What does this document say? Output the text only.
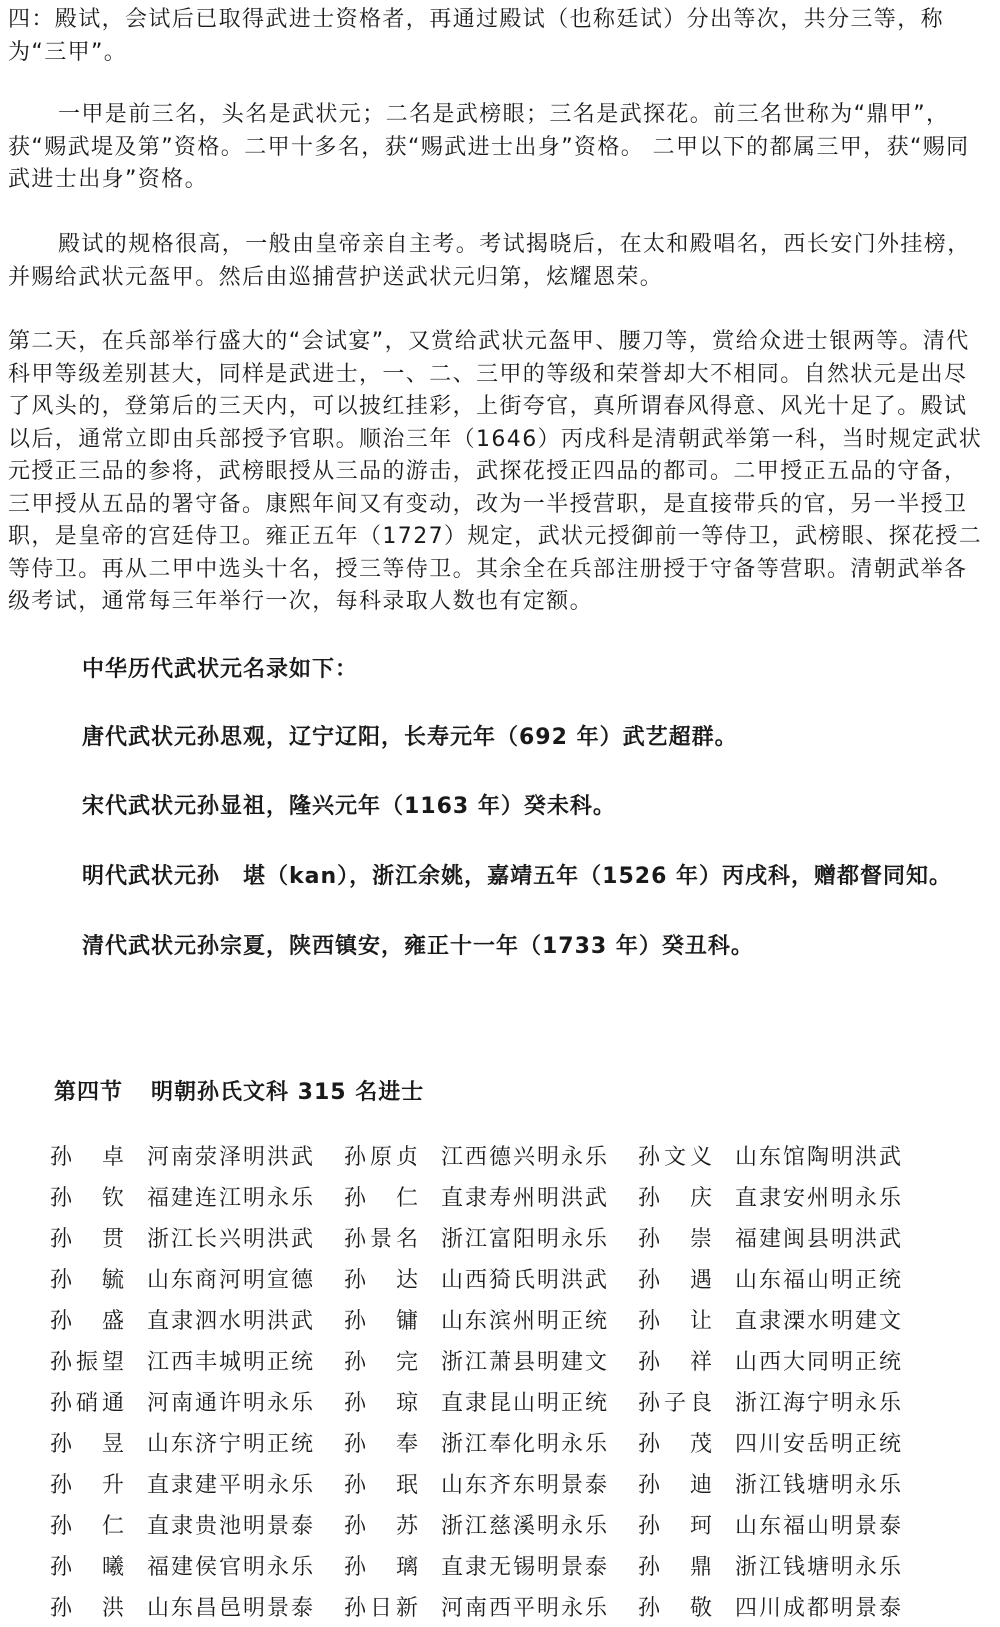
四：殿试，会试后已取得武进士资格者，再通过殿试（也称廷试）分出等次，共分三等，称为“三甲”。

一甲是前三名，头名是武状元；二名是武榜眼；三名是武探花。前三名世称为“鼎甲”，获“赐武堤及第”资格。二甲十多名，获“赐武进士出身”资格。 二甲以下的都属三甲，获“赐同武进士出身”资格。

殿试的规格很高，一般由皇帝亲自主考。考试揭晓后，在太和殿唱名，西长安门外挂榜，并赐给武状元盔甲。然后由巡捕营护送武状元归第，炫耀恩荣。

第二天，在兵部举行盛大的“会试宴”，又赏给武状元盔甲、腰刀等，赏给众进士银两等。清代科甲等级差别甚大，同样是武进士，一、二、三甲的等级和荣誉却大不相同。自然状元是出尽了风头的，登第后的三天内，可以披红挂彩，上街夸官，真所谓春风得意、风光十足了。殿试以后，通常立即由兵部授予官职。顺治三年（1646）丙戌科是清朝武举第一科，当时规定武状元授正三品的参将，武榜眼授从三品的游击，武探花授正四品的都司。二甲授正五品的守备，三甲授从五品的署守备。康熙年间又有变动，改为一半授营职，是直接带兵的官，另一半授卫职，是皇帝的宫廷侍卫。雍正五年（1727）规定，武状元授御前一等侍卫，武榜眼、探花授二等侍卫。再从二甲中选头十名，授三等侍卫。其余全在兵部注册授于守备等营职。清朝武举各级考试，通常每三年举行一次，每科录取人数也有定额。

中华历代武状元名录如下：
唐代武状元孙思观，辽宁辽阳，长寿元年（692 年）武艺超群。
宋代武状元孙显祖，隆兴元年（1163 年）癸未科。
明代武状元孙　堪（kan），浙江余姚，嘉靖五年（1526 年）丙戌科，赠都督同知。
清代武状元孙宗夏，陕西镇安，雍正十一年（1733 年）癸丑科。
第四节 明朝孙氏文科 315 名进士
孙　卓	河南荥泽明洪武	孙原贞	江西德兴明永乐	孙文义	山东馆陶明洪武
孙　钦	福建连江明永乐	孙　仁	直隶寿州明洪武	孙　庆	直隶安州明永乐
孙　贯	浙江长兴明洪武	孙景名	浙江富阳明永乐	孙　崇	福建闽县明洪武
孙　毓	山东商河明宣德	孙　达	山西猗氏明洪武	孙　遇	山东福山明正统
孙　盛	直隶泗水明洪武	孙　镛	山东滨州明正统	孙　让	直隶溧水明建文
孙振望	江西丰城明正统	孙　完	浙江萧县明建文	孙　祥	山西大同明正统
孙硝通	河南通许明永乐	孙　琼	直隶昆山明正统	孙子良	浙江海宁明永乐
孙　昱	山东济宁明正统	孙　奉	浙江奉化明永乐	孙　茂	四川安岳明正统
孙　升	直隶建平明永乐	孙　珉	山东齐东明景泰	孙　迪	浙江钱塘明永乐
孙　仁	直隶贵池明景泰	孙　苏	浙江慈溪明永乐	孙　珂	山东福山明景泰
孙　曦	福建侯官明永乐	孙　璃	直隶无锡明景泰	孙　鼎	浙江钱塘明永乐
孙　洪	山东昌邑明景泰	孙日新	河南西平明永乐	孙　敬	四川成都明景泰
